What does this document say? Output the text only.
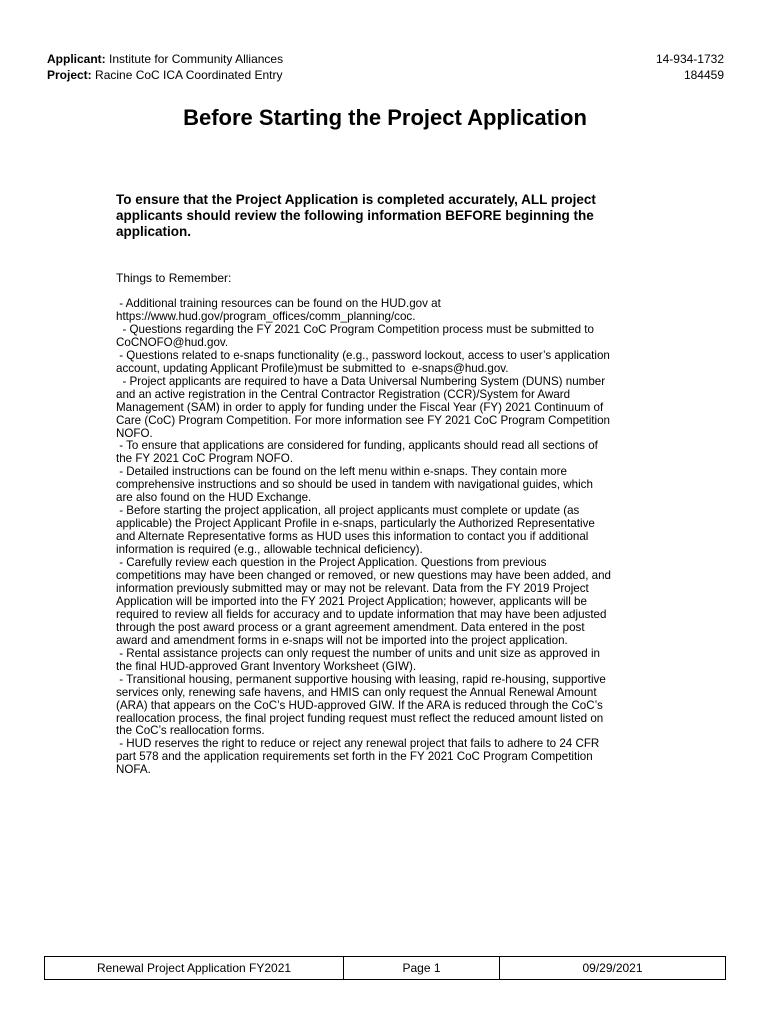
Applicant: Institute for Community Alliances	14-934-1732
Project: Racine CoC ICA Coordinated Entry	184459
Before Starting the Project Application
To ensure that the Project Application is completed accurately, ALL project applicants should review the following information BEFORE beginning the application.
Things to Remember:
- Additional training resources can be found on the HUD.gov at
https://www.hud.gov/program_offices/comm_planning/coc.
- Questions regarding the FY 2021 CoC Program Competition process must be submitted to
CoCNOFO@hud.gov.
- Questions related to e-snaps functionality (e.g., password lockout, access to user’s application
account, updating Applicant Profile)must be submitted to  e-snaps@hud.gov.
- Project applicants are required to have a Data Universal Numbering System (DUNS) number
and an active registration in the Central Contractor Registration (CCR)/System for Award
Management (SAM) in order to apply for funding under the Fiscal Year (FY) 2021 Continuum of
Care (CoC) Program Competition. For more information see FY 2021 CoC Program Competition
NOFO.
- To ensure that applications are considered for funding, applicants should read all sections of
the FY 2021 CoC Program NOFO.
- Detailed instructions can be found on the left menu within e-snaps. They contain more
comprehensive instructions and so should be used in tandem with navigational guides, which
are also found on the HUD Exchange.
- Before starting the project application, all project applicants must complete or update (as
applicable) the Project Applicant Profile in e-snaps, particularly the Authorized Representative
and Alternate Representative forms as HUD uses this information to contact you if additional
information is required (e.g., allowable technical deficiency).
- Carefully review each question in the Project Application. Questions from previous
competitions may have been changed or removed, or new questions may have been added, and
information previously submitted may or may not be relevant. Data from the FY 2019 Project
Application will be imported into the FY 2021 Project Application; however, applicants will be
required to review all fields for accuracy and to update information that may have been adjusted
through the post award process or a grant agreement amendment. Data entered in the post
award and amendment forms in e-snaps will not be imported into the project application.
- Rental assistance projects can only request the number of units and unit size as approved in
the final HUD-approved Grant Inventory Worksheet (GIW).
- Transitional housing, permanent supportive housing with leasing, rapid re-housing, supportive
services only, renewing safe havens, and HMIS can only request the Annual Renewal Amount
(ARA) that appears on the CoC’s HUD-approved GIW. If the ARA is reduced through the CoC’s
reallocation process, the final project funding request must reflect the reduced amount listed on
the CoC’s reallocation forms.
- HUD reserves the right to reduce or reject any renewal project that fails to adhere to 24 CFR
part 578 and the application requirements set forth in the FY 2021 CoC Program Competition
NOFA.
Renewal Project Application FY2021	Page 1	09/29/2021
